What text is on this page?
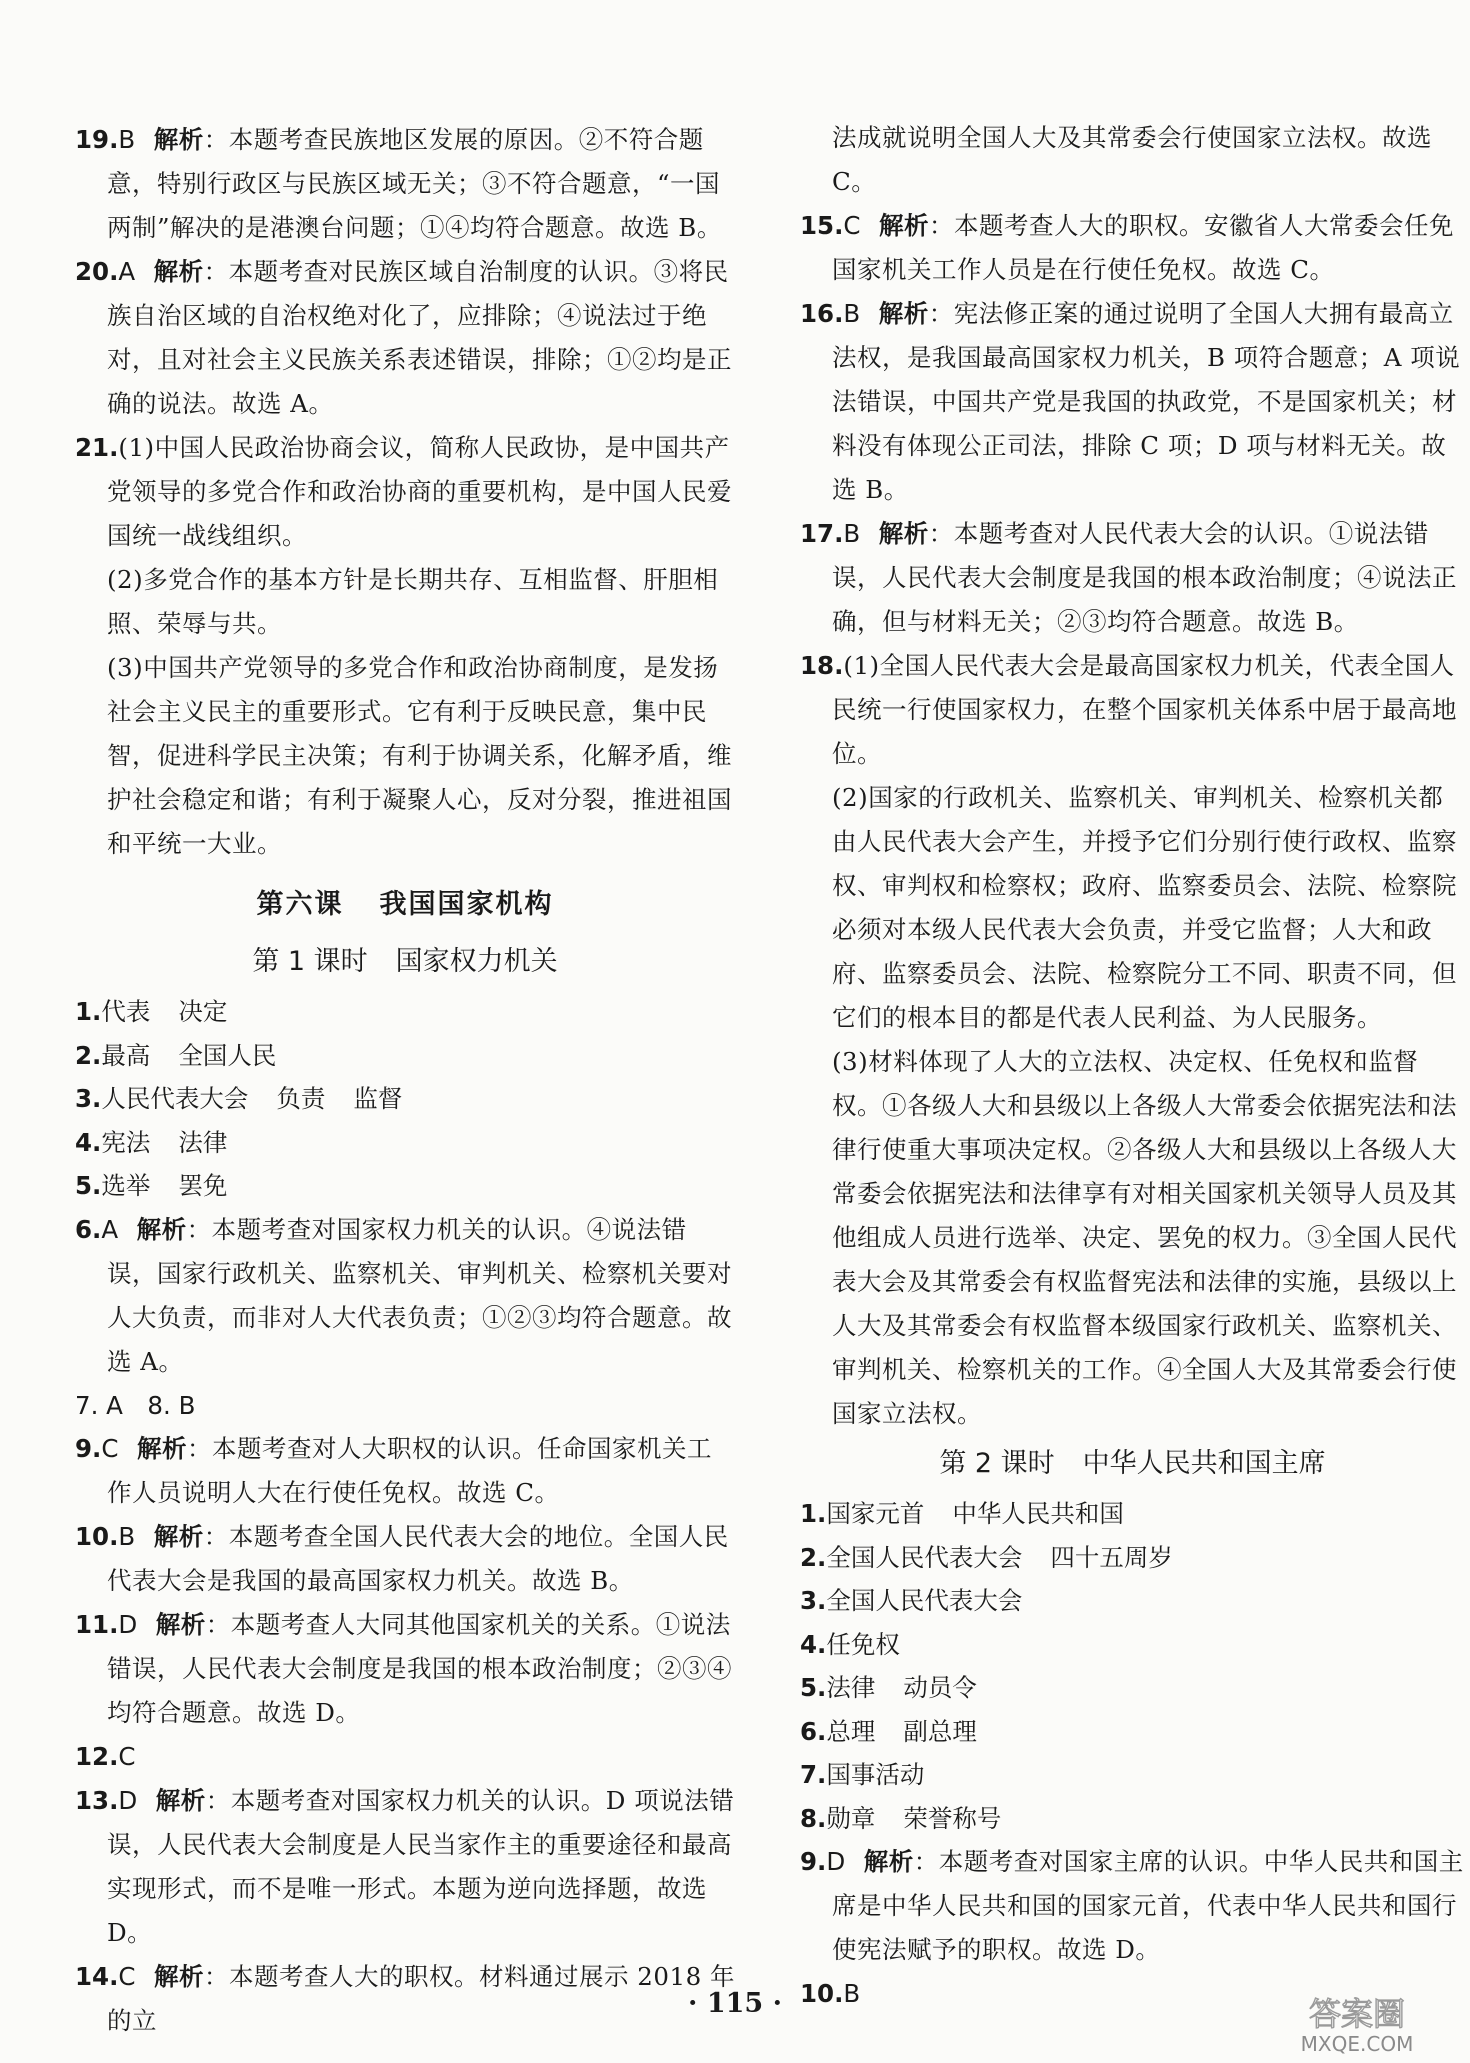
19.B 解析：本题考查民族地区发展的原因。②不符合题意，特别行政区与民族区域无关；③不符合题意，“一国两制”解决的是港澳台问题；①④均符合题意。故选 B。
20.A 解析：本题考查对民族区域自治制度的认识。③将民族自治区域的自治权绝对化了，应排除；④说法过于绝对，且对社会主义民族关系表述错误，排除；①②均是正确的说法。故选 A。
21.(1)中国人民政治协商会议，简称人民政协，是中国共产党领导的多党合作和政治协商的重要机构，是中国人民爱国统一战线组织。
(2)多党合作的基本方针是长期共存、互相监督、肝胆相照、荣辱与共。
(3)中国共产党领导的多党合作和政治协商制度，是发扬社会主义民主的重要形式。它有利于反映民意，集中民智，促进科学民主决策；有利于协调关系，化解矛盾，维护社会稳定和谐；有利于凝聚人心，反对分裂，推进祖国和平统一大业。
第六课 我国国家机构
第 1 课时 国家权力机关
1.代表 决定
2.最高 全国人民
3.人民代表大会 负责 监督
4.宪法 法律
5.选举 罢免
6.A 解析：本题考查对国家权力机关的认识。④说法错误，国家行政机关、监察机关、审判机关、检察机关要对人大负责，而非对人大代表负责；①②③均符合题意。故选 A。
7. A　8. B
9.C 解析：本题考查对人大职权的认识。任命国家机关工作人员说明人大在行使任免权。故选 C。
10.B 解析：本题考查全国人民代表大会的地位。全国人民代表大会是我国的最高国家权力机关。故选 B。
11.D 解析：本题考查人大同其他国家机关的关系。①说法错误，人民代表大会制度是我国的根本政治制度；②③④均符合题意。故选 D。
12.C
13.D 解析：本题考查对国家权力机关的认识。D 项说法错误，人民代表大会制度是人民当家作主的重要途径和最高实现形式，而不是唯一形式。本题为逆向选择题，故选 D。
14.C 解析：本题考查人大的职权。材料通过展示 2018 年的立
法成就说明全国人大及其常委会行使国家立法权。故选 C。
15.C 解析：本题考查人大的职权。安徽省人大常委会任免国家机关工作人员是在行使任免权。故选 C。
16.B 解析：宪法修正案的通过说明了全国人大拥有最高立法权，是我国最高国家权力机关，B 项符合题意；A 项说法错误，中国共产党是我国的执政党，不是国家机关；材料没有体现公正司法，排除 C 项；D 项与材料无关。故选 B。
17.B 解析：本题考查对人民代表大会的认识。①说法错误，人民代表大会制度是我国的根本政治制度；④说法正确，但与材料无关；②③均符合题意。故选 B。
18.(1)全国人民代表大会是最高国家权力机关，代表全国人民统一行使国家权力，在整个国家机关体系中居于最高地位。
(2)国家的行政机关、监察机关、审判机关、检察机关都由人民代表大会产生，并授予它们分别行使行政权、监察权、审判权和检察权；政府、监察委员会、法院、检察院必须对本级人民代表大会负责，并受它监督；人大和政府、监察委员会、法院、检察院分工不同、职责不同，但它们的根本目的都是代表人民利益、为人民服务。
(3)材料体现了人大的立法权、决定权、任免权和监督权。①各级人大和县级以上各级人大常委会依据宪法和法律行使重大事项决定权。②各级人大和县级以上各级人大常委会依据宪法和法律享有对相关国家机关领导人员及其他组成人员进行选举、决定、罢免的权力。③全国人民代表大会及其常委会有权监督宪法和法律的实施，县级以上人大及其常委会有权监督本级国家行政机关、监察机关、审判机关、检察机关的工作。④全国人大及其常委会行使国家立法权。
第 2 课时 中华人民共和国主席
1.国家元首 中华人民共和国
2.全国人民代表大会 四十五周岁
3.全国人民代表大会
4.任免权
5.法律 动员令
6.总理 副总理
7.国事活动
8.勋章 荣誉称号
9.D 解析：本题考查对国家主席的认识。中华人民共和国主席是中华人民共和国的国家元首，代表中华人民共和国行使宪法赋予的职权。故选 D。
10.B
· 115 ·	答案圈
MXQE.COM
